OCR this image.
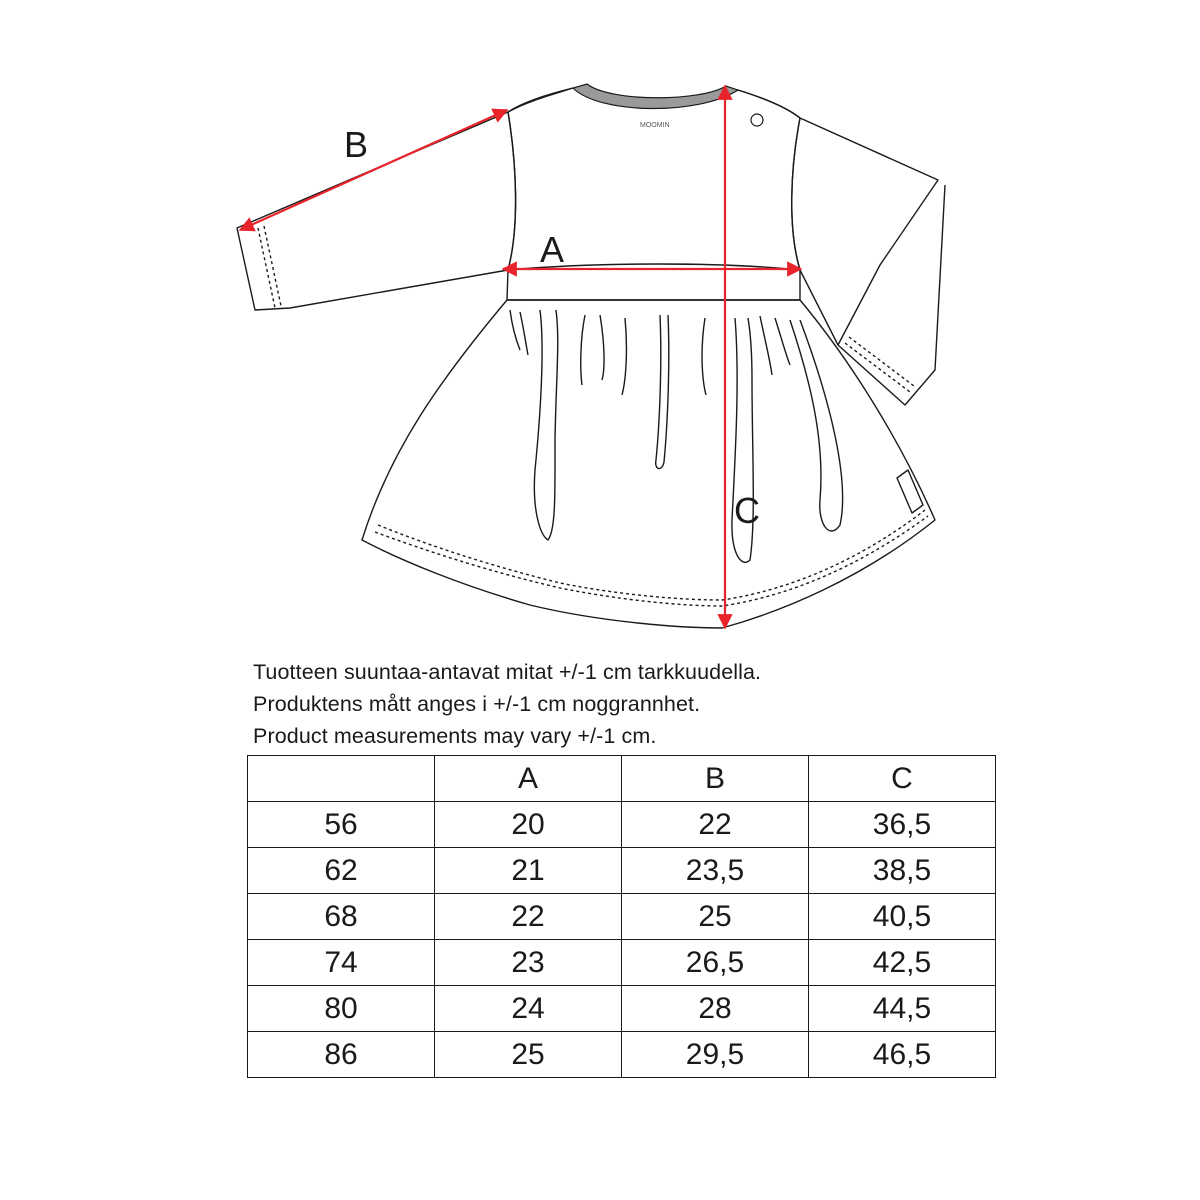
MOOMIN
B
A
C
Tuotteen suuntaa-antavat mitat +/-1 cm tarkkuudella.
Produktens mått anges i +/-1 cm noggrannhet.
Product measurements may vary +/-1 cm.
	A	B	C
56	20	22	36,5
62	21	23,5	38,5
68	22	25	40,5
74	23	26,5	42,5
80	24	28	44,5
86	25	29,5	46,5
